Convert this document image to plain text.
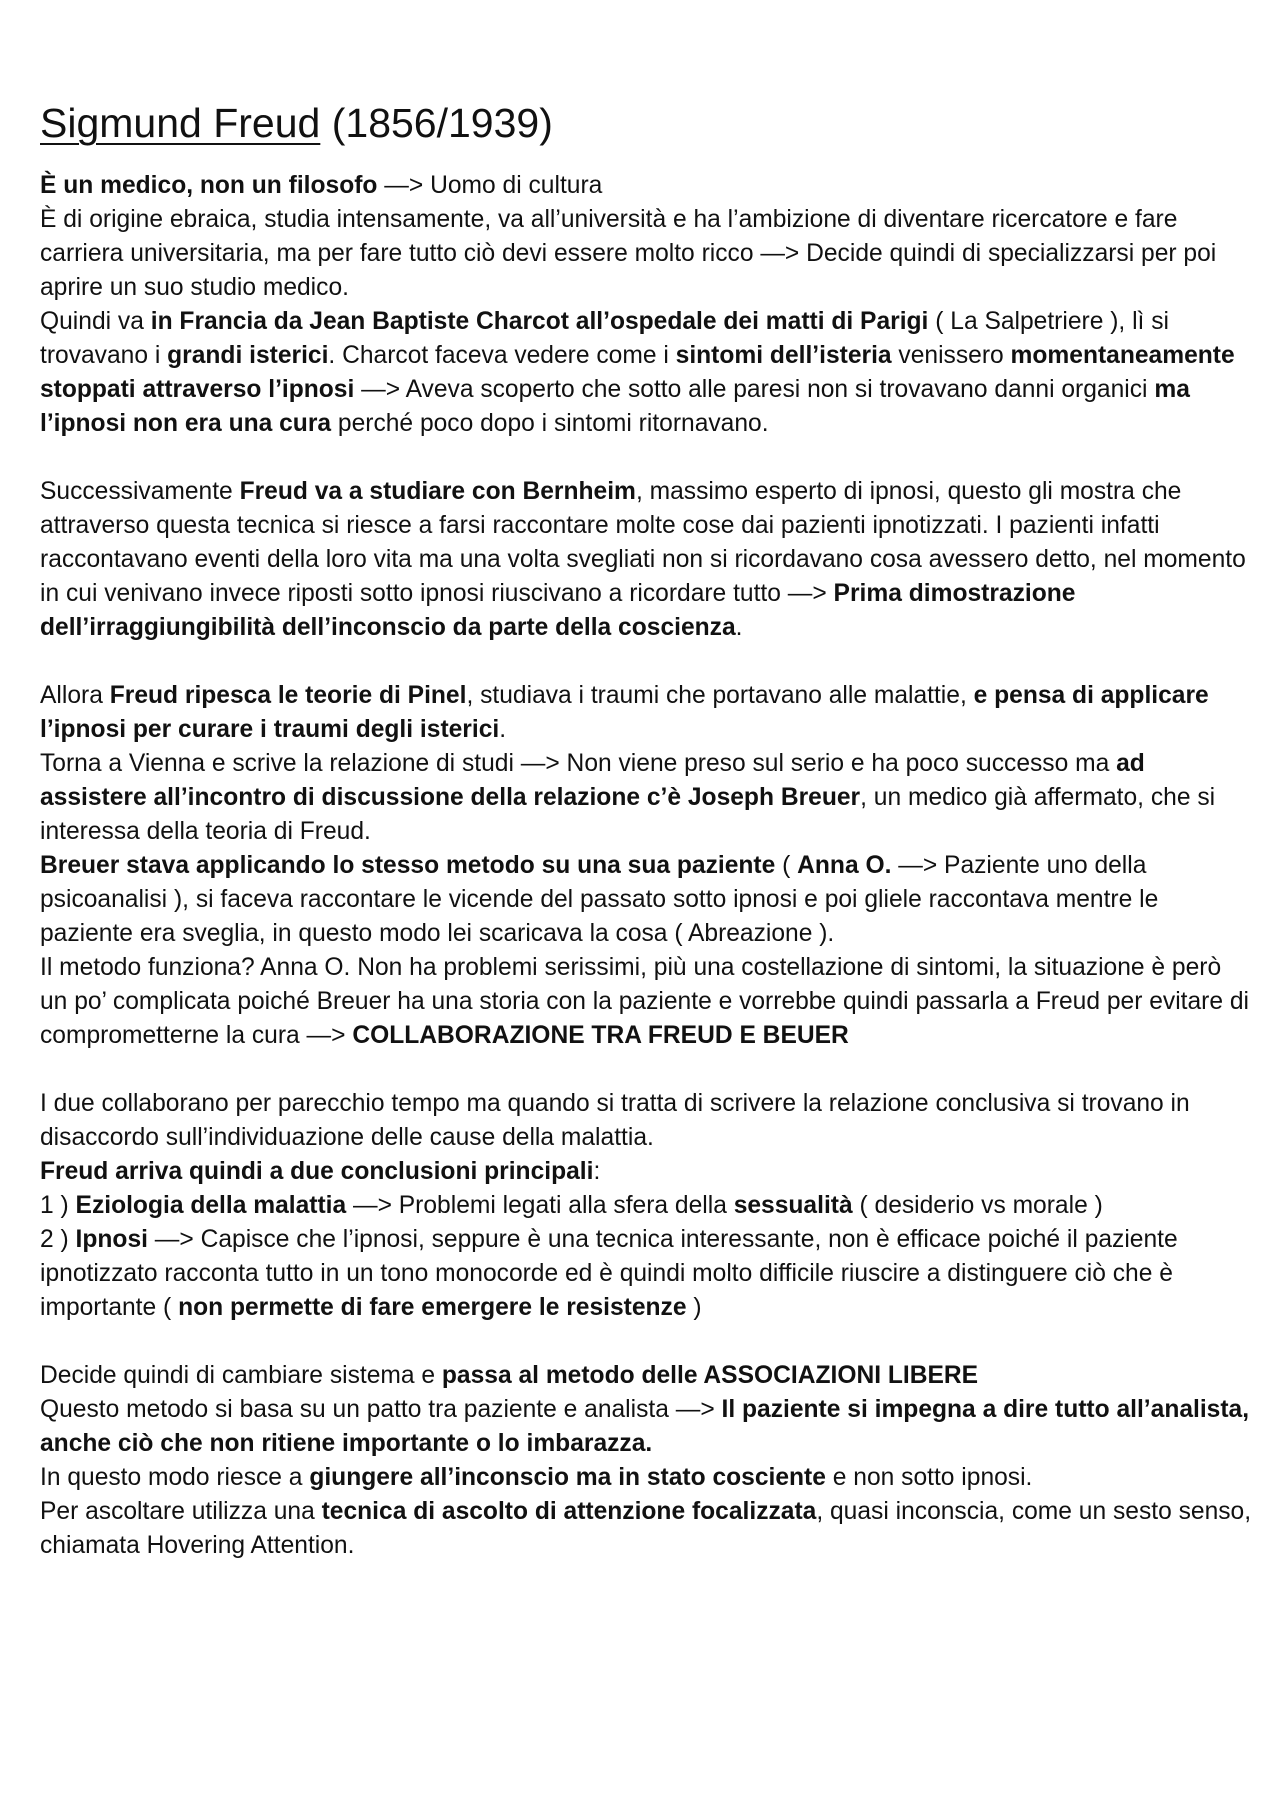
Sigmund Freud (1856/1939)

È un medico, non un filosofo —> Uomo di cultura
È di origine ebraica, studia intensamente, va all’università e ha l’ambizione di diventare ricercatore e fare carriera universitaria, ma per fare tutto ciò devi essere molto ricco —> Decide quindi di specializzarsi per poi aprire un suo studio medico.
Quindi va in Francia da Jean Baptiste Charcot all’ospedale dei matti di Parigi ( La Salpetriere ), lì si trovavano i grandi isterici. Charcot faceva vedere come i sintomi dell’isteria venissero momentaneamente stoppati attraverso l’ipnosi —> Aveva scoperto che sotto alle paresi non si trovavano danni organici ma l’ipnosi non era una cura perché poco dopo i sintomi ritornavano.

Successivamente Freud va a studiare con Bernheim, massimo esperto di ipnosi, questo gli mostra che attraverso questa tecnica si riesce a farsi raccontare molte cose dai pazienti ipnotizzati. I pazienti infatti raccontavano eventi della loro vita ma una volta svegliati non si ricordavano cosa avessero detto, nel momento in cui venivano invece riposti sotto ipnosi riuscivano a ricordare tutto —> Prima dimostrazione dell’irraggiungibilità dell’inconscio da parte della coscienza.

Allora Freud ripesca le teorie di Pinel, studiava i traumi che portavano alle malattie, e pensa di applicare l’ipnosi per curare i traumi degli isterici.
Torna a Vienna e scrive la relazione di studi —> Non viene preso sul serio e ha poco successo ma ad assistere all’incontro di discussione della relazione c’è Joseph Breuer, un medico già affermato, che si interessa della teoria di Freud.
Breuer stava applicando lo stesso metodo su una sua paziente ( Anna O. —> Paziente uno della psicoanalisi ), si faceva raccontare le vicende del passato sotto ipnosi e poi gliele raccontava mentre le paziente era sveglia, in questo modo lei scaricava la cosa ( Abreazione ).
Il metodo funziona? Anna O. Non ha problemi serissimi, più una costellazione di sintomi, la situazione è però un po’ complicata poiché Breuer ha una storia con la paziente e vorrebbe quindi passarla a Freud per evitare di comprometterne la cura —> COLLABORAZIONE TRA FREUD E BEUER

I due collaborano per parecchio tempo ma quando si tratta di scrivere la relazione conclusiva si trovano in disaccordo sull’individuazione delle cause della malattia.
Freud arriva quindi a due conclusioni principali:
1 ) Eziologia della malattia —> Problemi legati alla sfera della sessualità ( desiderio vs morale )
2 ) Ipnosi —> Capisce che l’ipnosi, seppure è una tecnica interessante, non è efficace poiché il paziente ipnotizzato racconta tutto in un tono monocorde ed è quindi molto difficile riuscire a distinguere ciò che è importante ( non permette di fare emergere le resistenze )

Decide quindi di cambiare sistema e passa al metodo delle ASSOCIAZIONI LIBERE
Questo metodo si basa su un patto tra paziente e analista —> Il paziente si impegna a dire tutto all’analista, anche ciò che non ritiene importante o lo imbarazza.
In questo modo riesce a giungere all’inconscio ma in stato cosciente e non sotto ipnosi.
Per ascoltare utilizza una tecnica di ascolto di attenzione focalizzata, quasi inconscia, come un sesto senso, chiamata Hovering Attention.
